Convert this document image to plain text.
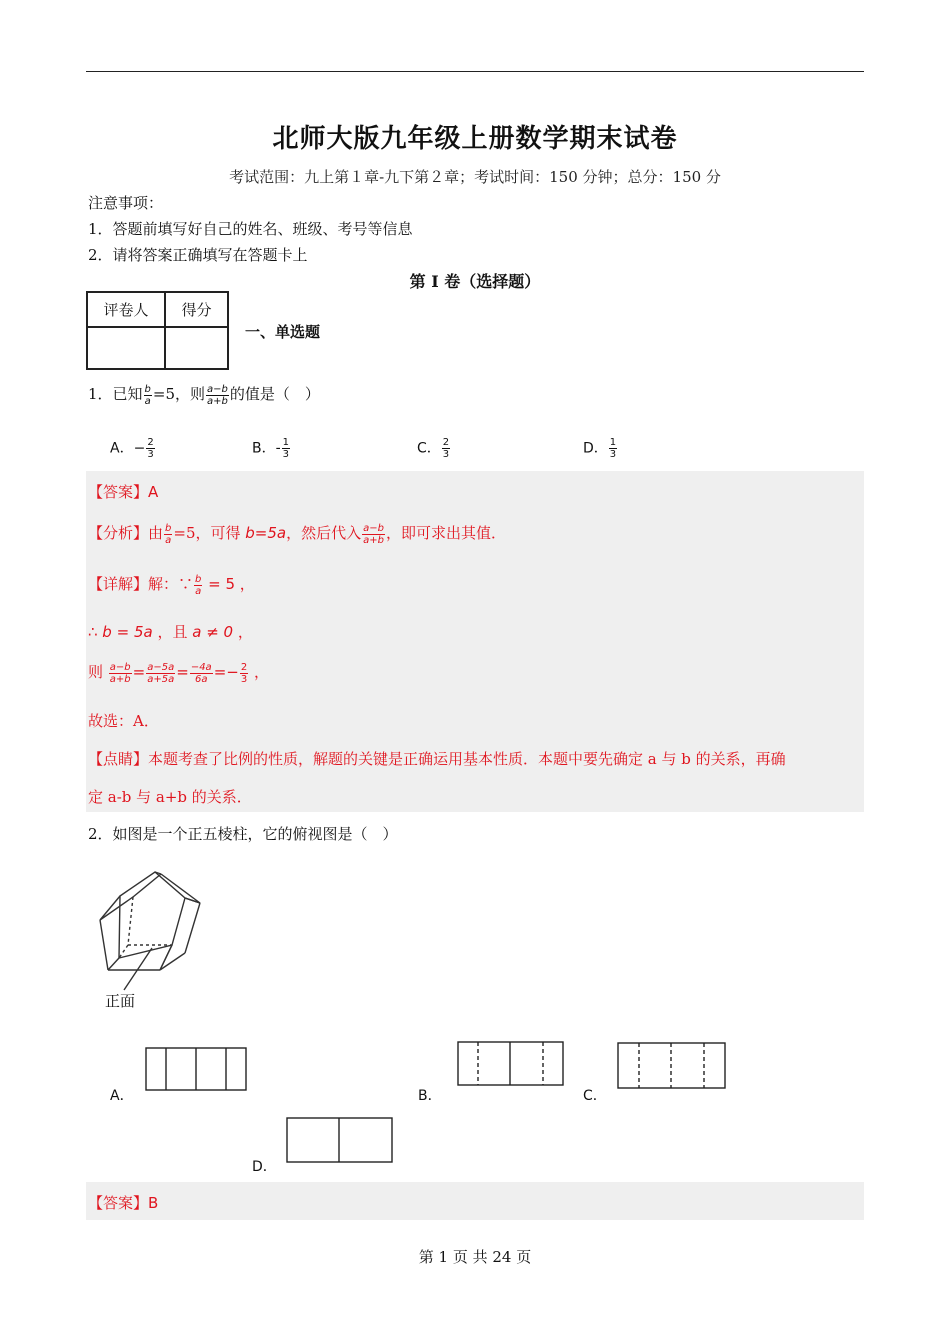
北师大版九年级上册数学期末试卷
考试范围：九上第１章-九下第２章；考试时间：150 分钟；总分：150 分
注意事项：
1．答题前填写好自己的姓名、班级、考号等信息
2．请将答案正确填写在答题卡上
第 I 卷（选择题）
评卷人	得分

一、单选题
1．已知 $\frac{b}{a} =5$，则 $\frac{a-b}{a+b}$ 的值是（　）
A．− $\frac{2}{3}$	B．- $\frac{1}{3}$	C． $\frac{2}{3}$	D． $\frac{1}{3}$
【答案】A
【分析】由 $\frac{b}{a} =5$，可得 b=5a，然后代入 $\frac{a-b}{a+b}$ ，即可求出其值．
【详解】解：∵ $\frac{b}{a} = 5$ ，
∴ b = 5a ，且 a ≠ 0 ，
则 $\frac{a-b}{a+b} = \frac{a-5a}{a+5a} = \frac{-4a}{6a} =- \frac{2}{3}$ ，
故选：A．
【点睛】本题考查了比例的性质，解题的关键是正确运用基本性质．本题中要先确定 a 与 b 的关系，再确
定 a-b 与 a+b 的关系．
2．如图是一个正五棱柱，它的俯视图是（　）
正面
A．	B．	C．
D．
【答案】B
第 1 页 共 24 页
